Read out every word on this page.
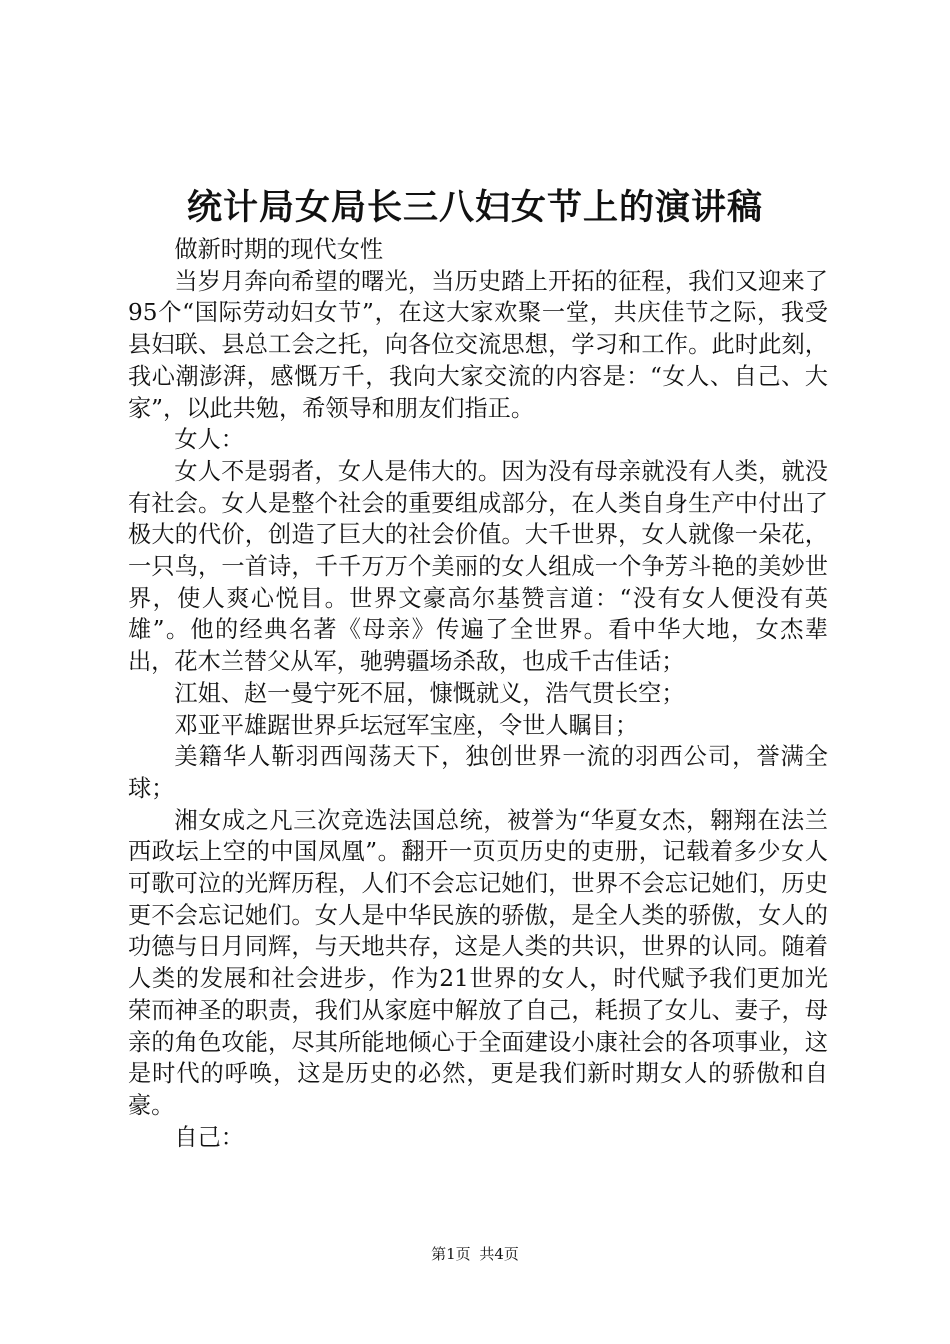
统计局女局长三八妇女节上的演讲稿

做新时期的现代女性

当岁月奔向希望的曙光，当历史踏上开拓的征程，我们又迎来了95个“国际劳动妇女节”，在这大家欢聚一堂，共庆佳节之际，我受县妇联、县总工会之托，向各位交流思想，学习和工作。此时此刻，我心潮澎湃，感慨万千，我向大家交流的内容是：“女人、自己、大家”，以此共勉，希领导和朋友们指正。

女人：

女人不是弱者，女人是伟大的。因为没有母亲就没有人类，就没有社会。女人是整个社会的重要组成部分，在人类自身生产中付出了极大的代价，创造了巨大的社会价值。大千世界，女人就像一朵花，一只鸟，一首诗，千千万万个美丽的女人组成一个争芳斗艳的美妙世界，使人爽心悦目。世界文豪高尔基赞言道：“没有女人便没有英雄”。他的经典名著《母亲》传遍了全世界。看中华大地，女杰辈出，花木兰替父从军，驰骋疆场杀敌，也成千古佳话；

江姐、赵一曼宁死不屈，慷慨就义，浩气贯长空；

邓亚平雄踞世界乒坛冠军宝座，令世人瞩目；

美籍华人靳羽西闯荡天下，独创世界一流的羽西公司，誉满全球；

湘女成之凡三次竞选法国总统，被誉为“华夏女杰，翱翔在法兰西政坛上空的中国凤凰”。翻开一页页历史的吏册，记载着多少女人可歌可泣的光辉历程，人们不会忘记她们，世界不会忘记她们，历史更不会忘记她们。女人是中华民族的骄傲，是全人类的骄傲，女人的功德与日月同辉，与天地共存，这是人类的共识，世界的认同。随着人类的发展和社会进步，作为21世界的女人，时代赋予我们更加光荣而神圣的职责，我们从家庭中解放了自己，耗损了女儿、妻子，母亲的角色攻能，尽其所能地倾心于全面建设小康社会的各项事业，这是时代的呼唤，这是历史的必然，更是我们新时期女人的骄傲和自豪。

自己：

第1页 共4页
